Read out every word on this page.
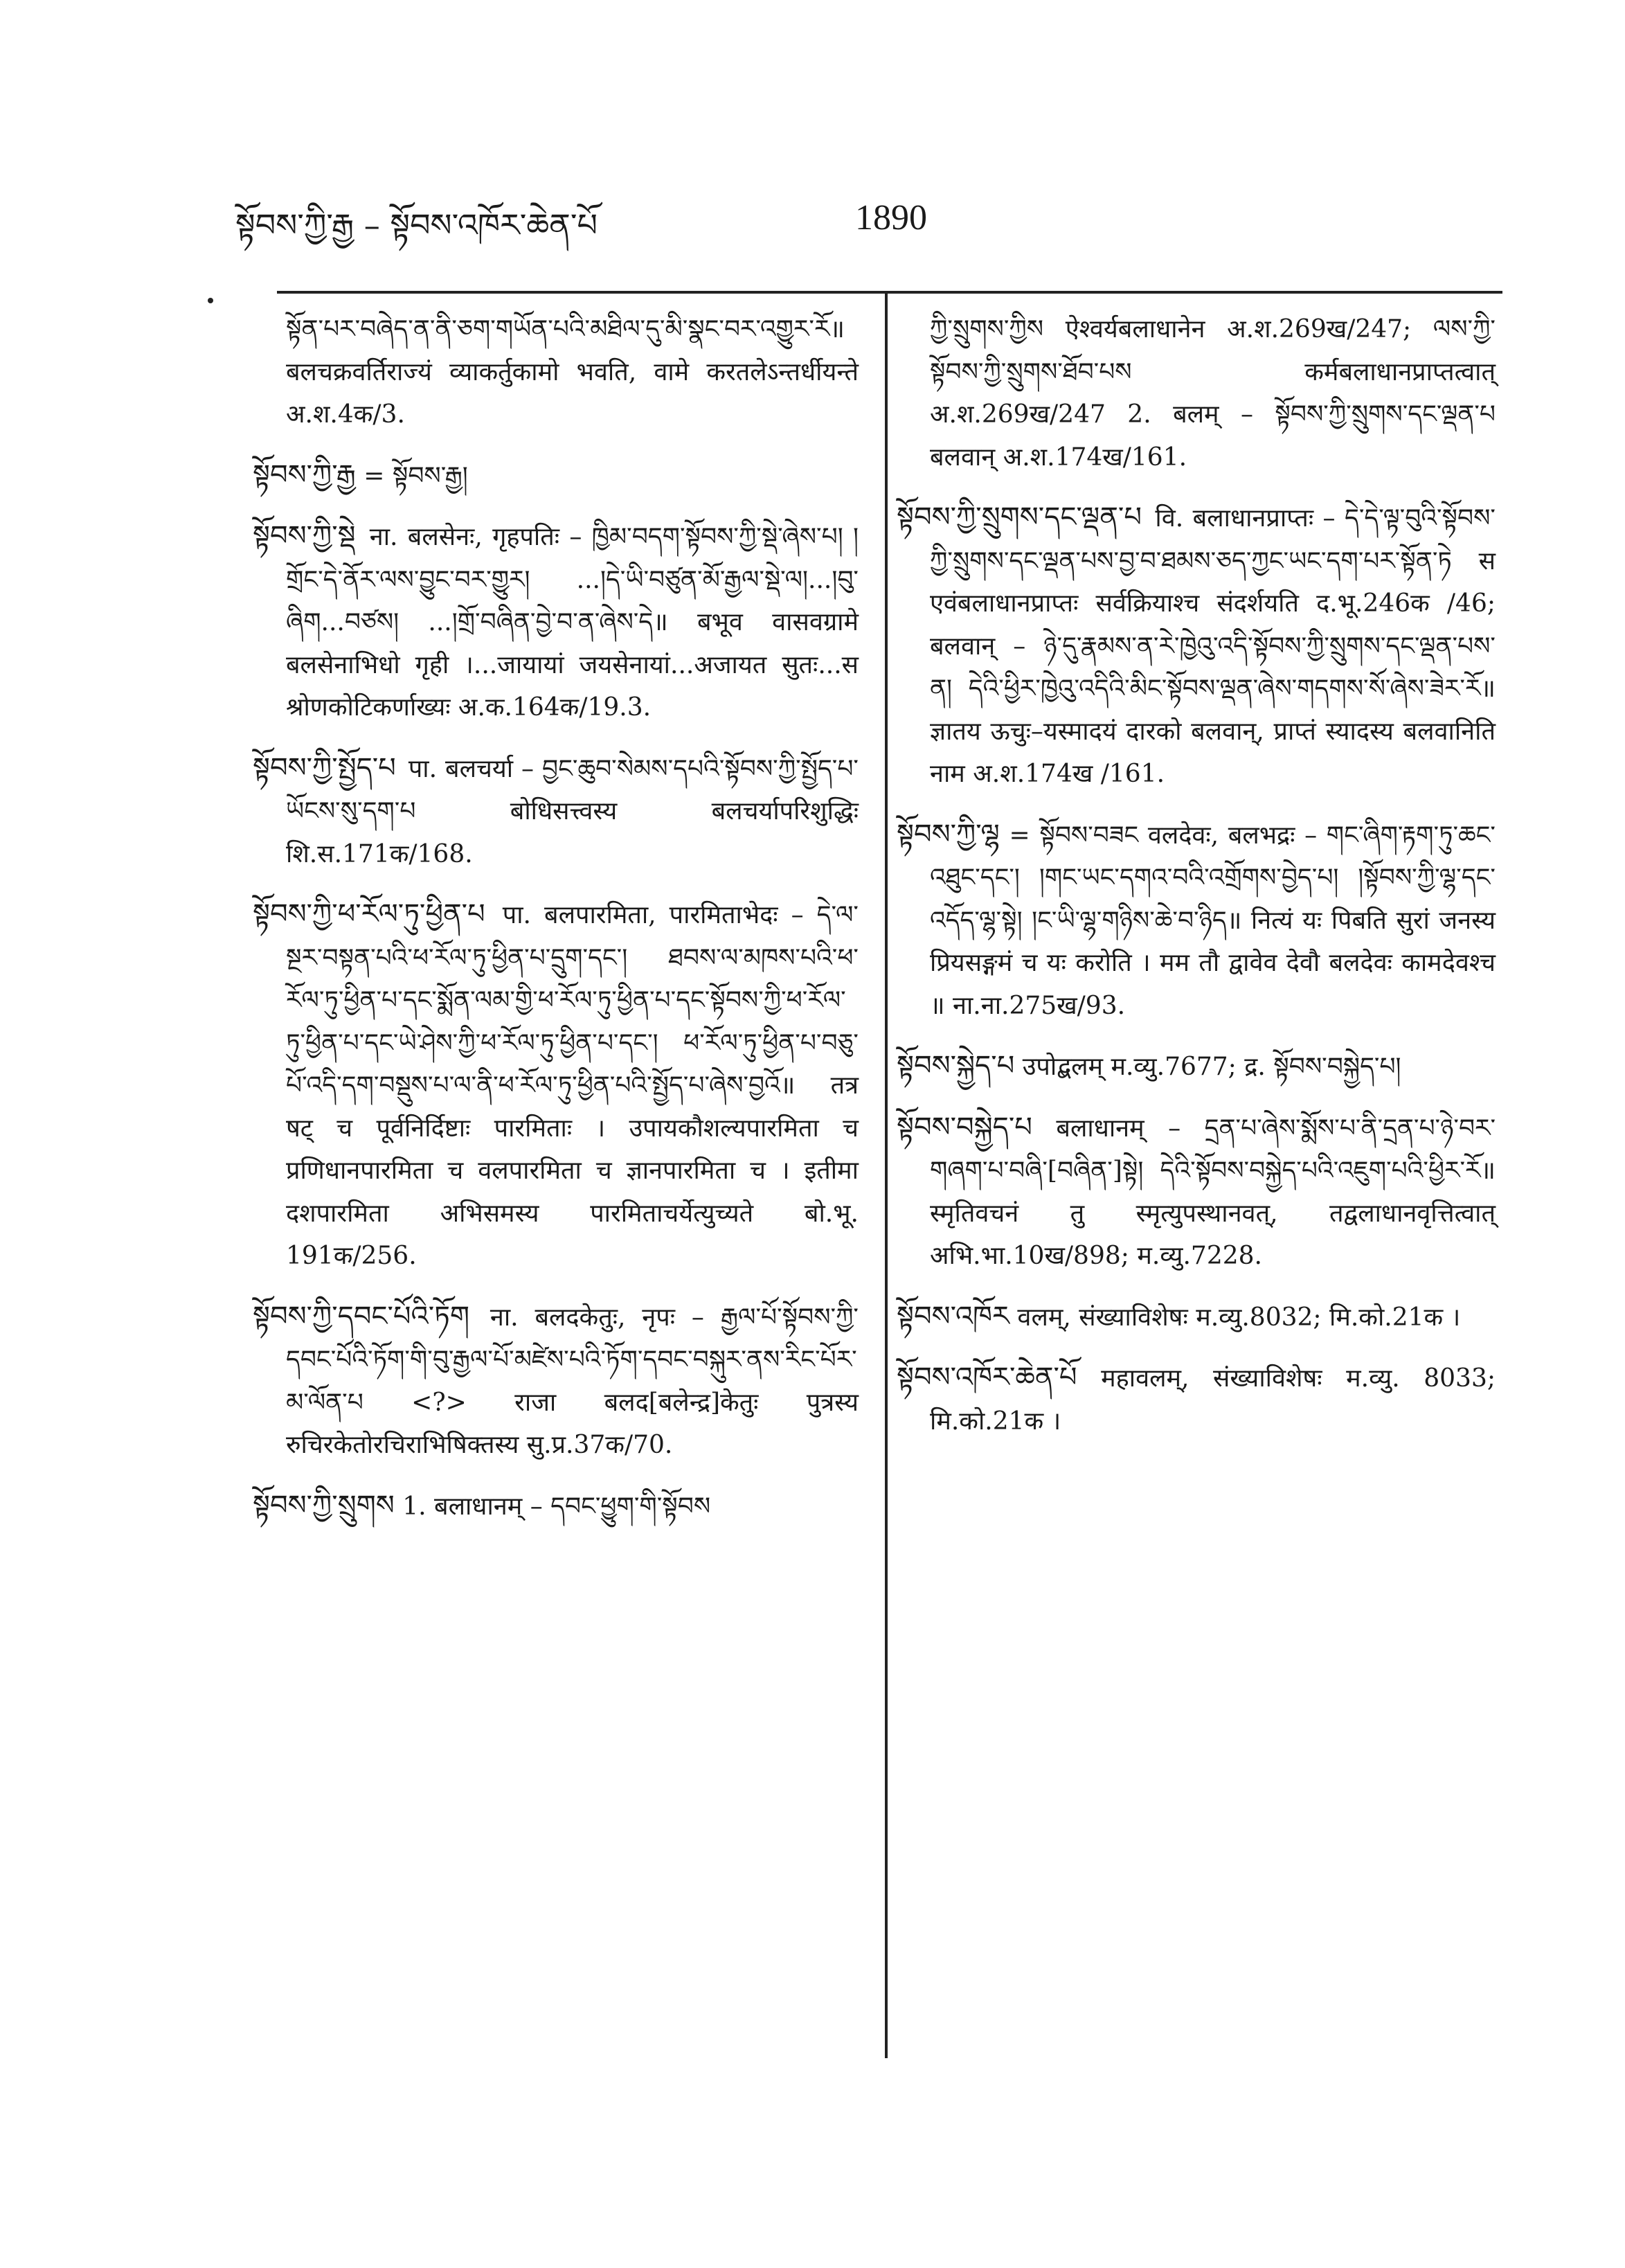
སྟོབས་ཀྱི་རྒྱ – སྟོབས་འཁོར་ཆེན་པོ	1890

སྟོན་པར་བཞེད་ན་ནི་ཅག་གཡོན་པའི་མཐིལ་དུ་མི་སྣང་བར་འགྱུར་རོ॥ बलचक्रवर्तिराज्यं व्याकर्तुकामो भवति, वामे करतलेऽन्तर्धीयन्ते अ.श.4क/3.

སྟོབས་ཀྱི་རྒྱ = སྟོབས་རྒྱ།

སྟོབས་ཀྱི་སྡེ ना. बलसेनः, गृहपतिः – ཁྱིམ་བདག་སྟོབས་ཀྱི་སྡེ་ཞེས་པ། །གྲོང་དེ་ནོར་ལས་བྱུང་བར་གྱུར། ...།དེ་ཡི་བཙུན་མོ་རྒྱལ་སྡེ་ལ།...།བུ་ཞིག...བཙས། ...།གྲོ་བཞིན་བྱེ་བ་ན་ཞེས་དེ॥ बभूव वासवग्रामे बलसेनाभिधो गृही ।...जायायां जयसेनायां...अजायत सुतः...स श्रोणकोटिकर्णाख्यः अ.क.164क/19.3.

སྟོབས་ཀྱི་སྤྱོད་པ पा. बलचर्या – བྱང་ཆུབ་སེམས་དཔའི་སྟོབས་ཀྱི་སྤྱོད་པ་ཡོངས་སུ་དག་པ बोधिसत्त्वस्य बलचर्यापरिशुद्धिः शि.स.171क/168.

སྟོབས་ཀྱི་ཕ་རོལ་ཏུ་ཕྱིན་པ पा. बलपारमिता, पारमिताभेदः – དེ་ལ་སྔར་བསྟན་པའི་ཕ་རོལ་ཏུ་ཕྱིན་པ་དྲུག་དང་། ཐབས་ལ་མཁས་པའི་ཕ་རོལ་ཏུ་ཕྱིན་པ་དང་སྨོན་ལམ་གྱི་ཕ་རོལ་ཏུ་ཕྱིན་པ་དང་སྟོབས་ཀྱི་ཕ་རོལ་ཏུ་ཕྱིན་པ་དང་ཡེ་ཤེས་ཀྱི་ཕ་རོལ་ཏུ་ཕྱིན་པ་དང་། ཕ་རོལ་ཏུ་ཕྱིན་པ་བཅུ་པོ་འདི་དག་བསྡུས་པ་ལ་ནི་ཕ་རོལ་ཏུ་ཕྱིན་པའི་སྤྱོད་པ་ཞེས་བྱའོ॥ तत्र षट् च पूर्वनिर्दिष्टाः पारमिताः । उपायकौशल्यपारमिता च प्रणिधानपारमिता च वलपारमिता च ज्ञानपारमिता च । इतीमा दशपारमिता अभिसमस्य पारमिताचर्येत्युच्यते बो.भू. 191क/256.

སྟོབས་ཀྱི་དབང་པོའི་ཏོག ना. बलदकेतुः, नृपः – རྒྱལ་པོ་སྟོབས་ཀྱི་དབང་པོའི་ཏོག་གི་བུ་རྒྱལ་པོ་མཛེས་པའི་ཏོག་དབང་བསྐུར་ནས་རིང་པོར་མ་ལོན་པ <?> राजा बलद[बलेन्द्र]केतुः पुत्रस्य रुचिरकेतोरचिराभिषिक्तस्य सु.प्र.37क/70.

སྟོབས་ཀྱི་སྲུགས 1. बलाधानम् – དབང་ཕྱུག་གི་སྟོབས

ཀྱི་སྲུགས་ཀྱིས ऐश्वर्यबलाधानेन अ.श.269ख/247; ལས་ཀྱི་སྟོབས་ཀྱི་སྲུགས་ཐོབ་པས कर्मबलाधानप्राप्तत्वात् अ.श.269ख/247 2. बलम् – སྟོབས་ཀྱི་སྲུགས་དང་ལྡན་པ बलवान् अ.श.174ख/161.

སྟོབས་ཀྱི་སྲུགས་དང་ལྡན་པ वि. बलाधानप्राप्तः – དེ་དེ་ལྟ་བུའི་སྟོབས་ཀྱི་སྲུགས་དང་ལྡན་པས་བྱ་བ་ཐམས་ཅད་ཀྱང་ཡང་དག་པར་སྟོན་ཏེ स एवंबलाधानप्राप्तः सर्वक्रियाश्च संदर्शयति द.भू.246क /46; बलवान् – ཉེ་དུ་རྣམས་ན་རེ་ཁྱེའུ་འདི་སྟོབས་ཀྱི་སྲུགས་དང་ལྡན་པས་ན། དེའི་ཕྱིར་ཁྱེའུ་འདིའི་མིང་སྟོབས་ལྡན་ཞེས་གདགས་སོ་ཞེས་ཟེར་རོ॥ ज्ञातय ऊचुः–यस्मादयं दारको बलवान्, प्राप्तं स्यादस्य बलवानिति नाम अ.श.174ख /161.

སྟོབས་ཀྱི་ལྷ = སྟོབས་བཟང वलदेवः, बलभद्रः – གང་ཞིག་རྟག་ཏུ་ཆང་འཐུང་དང་། །གང་ཡང་དགའ་བའི་འགྲོགས་བྱེད་པ། །སྟོབས་ཀྱི་ལྷ་དང་འདོད་ལྷ་སྟེ། །ང་ཡི་ལྷ་གཉིས་ཆེ་བ་ཉིད॥ नित्यं यः पिबति सुरां जनस्य प्रियसङ्गमं च यः करोति । मम तौ द्वावेव देवौ बलदेवः कामदेवश्च ॥ ना.ना.275ख/93.

སྟོབས་སྐྱེད་པ उपोद्बलम् म.व्यु.7677; द्र. སྟོབས་བསྐྱེད་པ།

སྟོབས་བསྐྱེད་པ बलाधानम् – དྲན་པ་ཞེས་སྨོས་པ་ནི་དྲན་པ་ཉེ་བར་གཞག་པ་བཞི་[བཞིན་]སྟེ། དེའི་སྟོབས་བསྐྱེད་པའི་འཇུག་པའི་ཕྱིར་རོ॥ स्मृतिवचनं तु स्मृत्युपस्थानवत्, तद्वलाधानवृत्तित्वात् अभि.भा.10ख/898; म.व्यु.7228.

སྟོབས་འཁོར वलम्, संख्याविशेषः म.व्यु.8032; मि.को.21क ।

སྟོབས་འཁོར་ཆེན་པོ महावलम्, संख्याविशेषः म.व्यु. 8033; मि.को.21क ।
